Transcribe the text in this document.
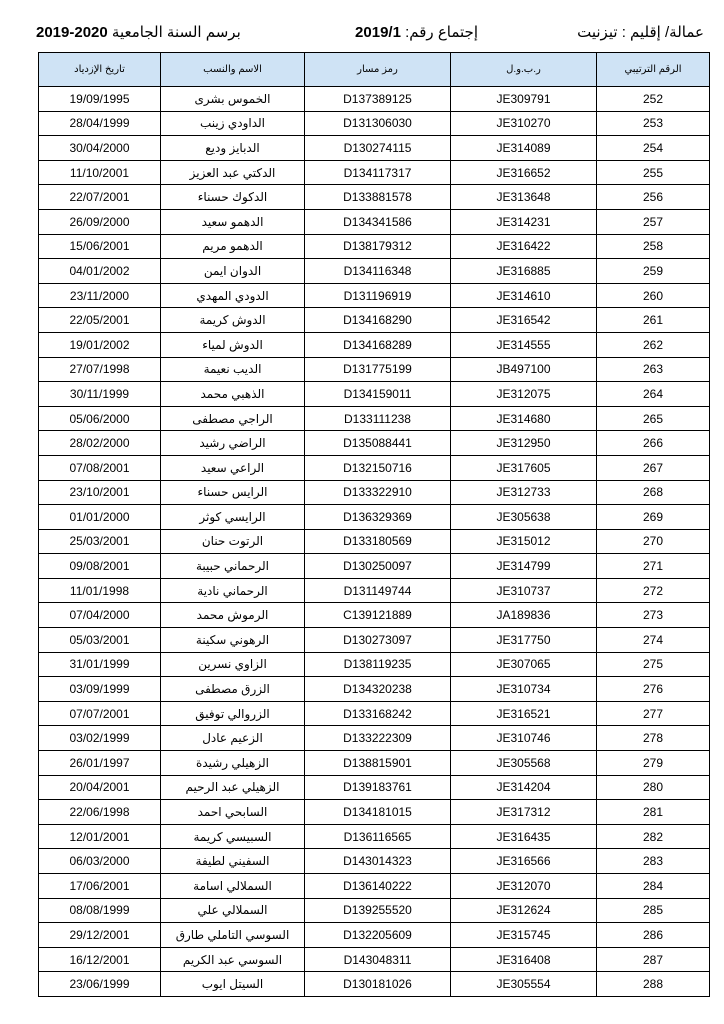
عمالة/ إقليم : تيزنيت
إجتماع رقم: 2019/1
برسم السنة الجامعية 2019-2020
الرقم الترتيبي	ر.ب.و.ل	رمز مسار	الاسم والنسب	تاريخ الإزدياد
252	JE309791	D137389125	الخموس بشرى	19/09/1995
253	JE310270	D131306030	الداودي زينب	28/04/1999
254	JE314089	D130274115	الدبايز وديع	30/04/2000
255	JE316652	D134117317	الدكتي عبد العزيز	11/10/2001
256	JE313648	D133881578	الدكوك حسناء	22/07/2001
257	JE314231	D134341586	الدهمو سعيد	26/09/2000
258	JE316422	D138179312	الدهمو مريم	15/06/2001
259	JE316885	D134116348	الدوان ايمن	04/01/2002
260	JE314610	D131196919	الدودي المهدي	23/11/2000
261	JE316542	D134168290	الدوش كريمة	22/05/2001
262	JE314555	D134168289	الدوش لمياء	19/01/2002
263	JB497100	D131775199	الديب نعيمة	27/07/1998
264	JE312075	D134159011	الذهبي محمد	30/11/1999
265	JE314680	D133111238	الراجي مصطفى	05/06/2000
266	JE312950	D135088441	الراضي رشيد	28/02/2000
267	JE317605	D132150716	الراعي سعيد	07/08/2001
268	JE312733	D133322910	الرايس حسناء	23/10/2001
269	JE305638	D136329369	الرايسي كوثر	01/01/2000
270	JE315012	D133180569	الرتوت حنان	25/03/2001
271	JE314799	D130250097	الرحماني حبيبة	09/08/2001
272	JE310737	D131149744	الرحماني نادية	11/01/1998
273	JA189836	C139121889	الرموش محمد	07/04/2000
274	JE317750	D130273097	الرهوني سكينة	05/03/2001
275	JE307065	D138119235	الزاوي نسرين	31/01/1999
276	JE310734	D134320238	الزرق مصطفى	03/09/1999
277	JE316521	D133168242	الزروالي توفيق	07/07/2001
278	JE310746	D133222309	الزعيم عادل	03/02/1999
279	JE305568	D138815901	الزهيلي رشيدة	26/01/1997
280	JE314204	D139183761	الزهيلي عبد الرحيم	20/04/2001
281	JE317312	D134181015	السابحي احمد	22/06/1998
282	JE316435	D136116565	السبيسي كريمة	12/01/2001
283	JE316566	D143014323	السفيني لطيفة	06/03/2000
284	JE312070	D136140222	السملالي اسامة	17/06/2001
285	JE312624	D139255520	السملالي علي	08/08/1999
286	JE315745	D132205609	السوسي التاملي طارق	29/12/2001
287	JE316408	D143048311	السوسي عبد الكريم	16/12/2001
288	JE305554	D130181026	السيتل ايوب	23/06/1999
